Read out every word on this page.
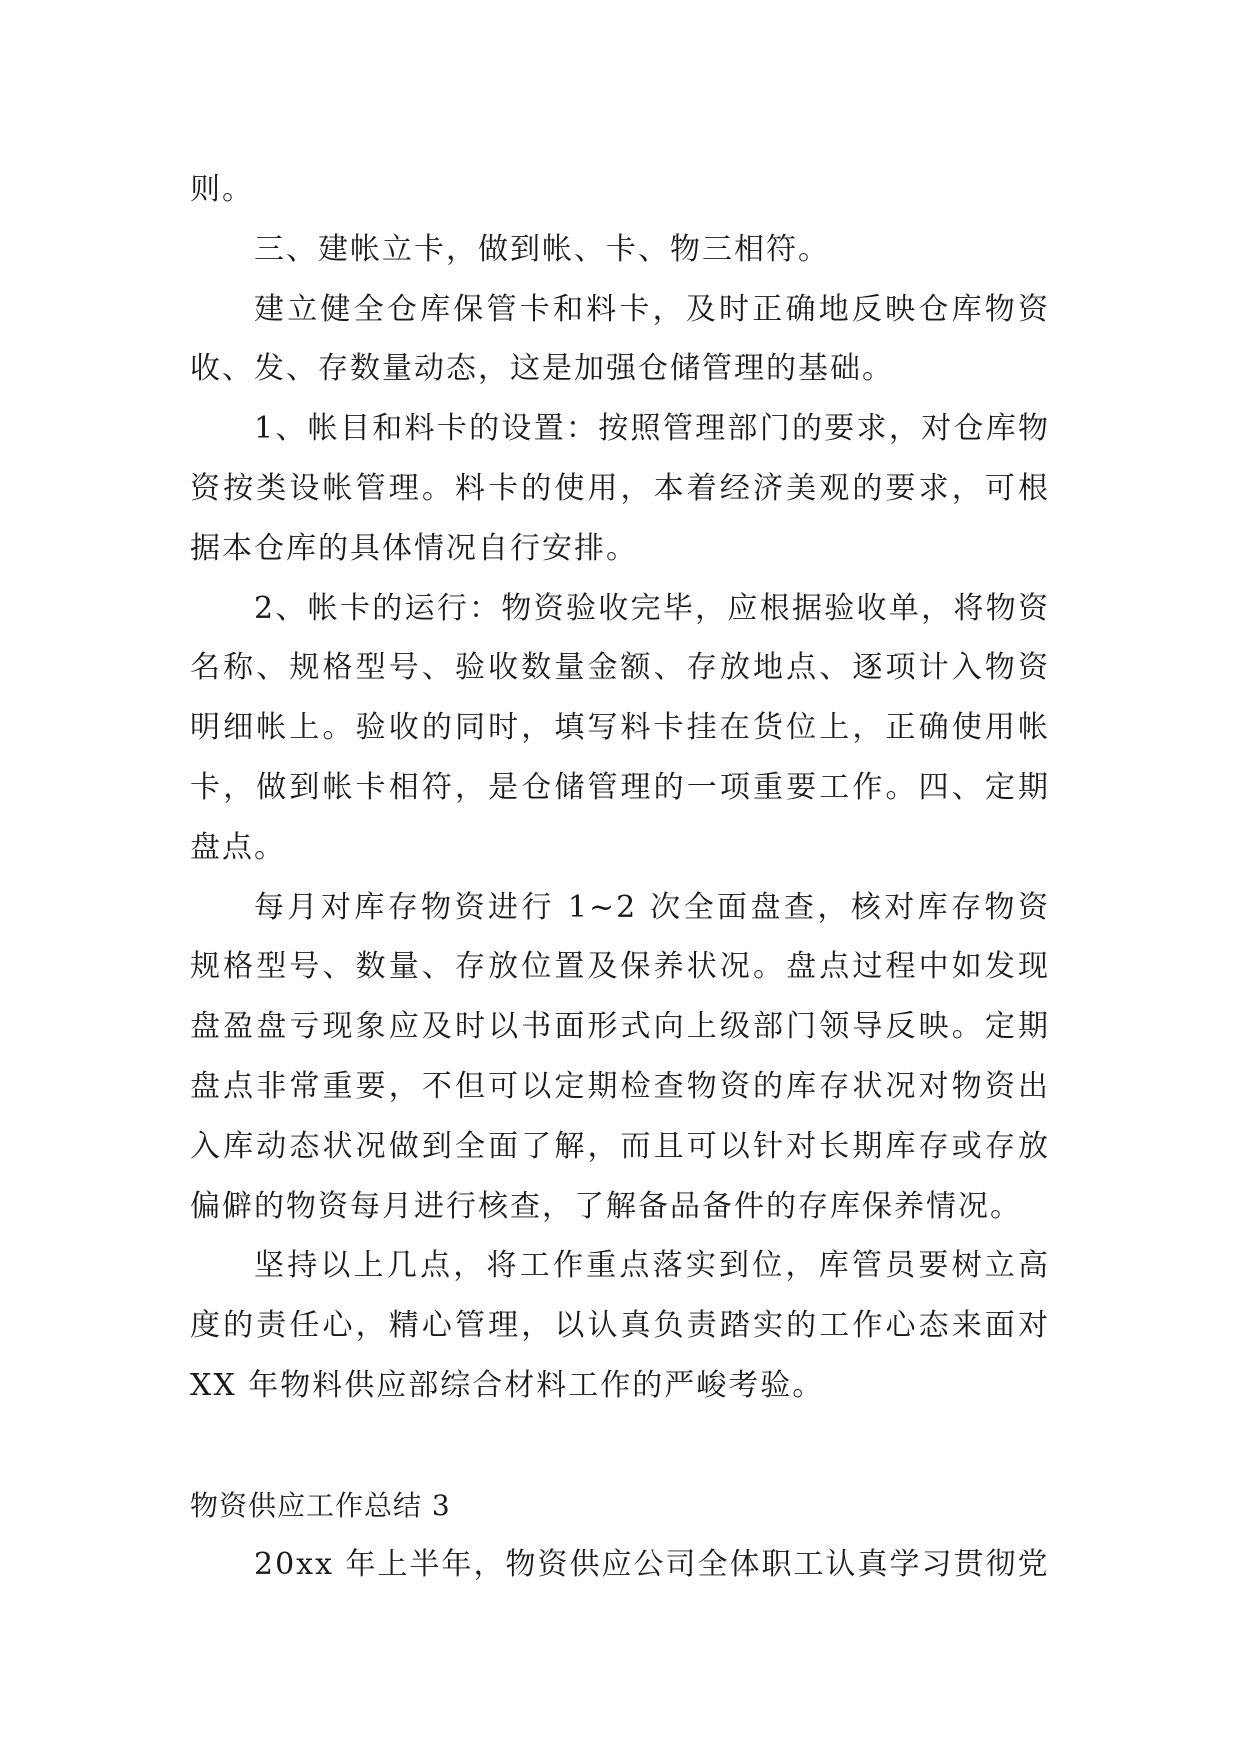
则。

三、建帐立卡，做到帐、卡、物三相符。

建立健全仓库保管卡和料卡，及时正确地反映仓库物资收、发、存数量动态，这是加强仓储管理的基础。

1、帐目和料卡的设置：按照管理部门的要求，对仓库物资按类设帐管理。料卡的使用，本着经济美观的要求，可根据本仓库的具体情况自行安排。

2、帐卡的运行：物资验收完毕，应根据验收单，将物资名称、规格型号、验收数量金额、存放地点、逐项计入物资明细帐上。验收的同时，填写料卡挂在货位上，正确使用帐卡，做到帐卡相符，是仓储管理的一项重要工作。四、定期盘点。

每月对库存物资进行 1~2 次全面盘查，核对库存物资规格型号、数量、存放位置及保养状况。盘点过程中如发现盘盈盘亏现象应及时以书面形式向上级部门领导反映。定期盘点非常重要，不但可以定期检查物资的库存状况对物资出入库动态状况做到全面了解，而且可以针对长期库存或存放偏僻的物资每月进行核查，了解备品备件的存库保养情况。

坚持以上几点，将工作重点落实到位，库管员要树立高度的责任心，精心管理，以认真负责踏实的工作心态来面对 XX 年物料供应部综合材料工作的严峻考验。

物资供应工作总结 3

20xx 年上半年，物资供应公司全体职工认真学习贯彻党
